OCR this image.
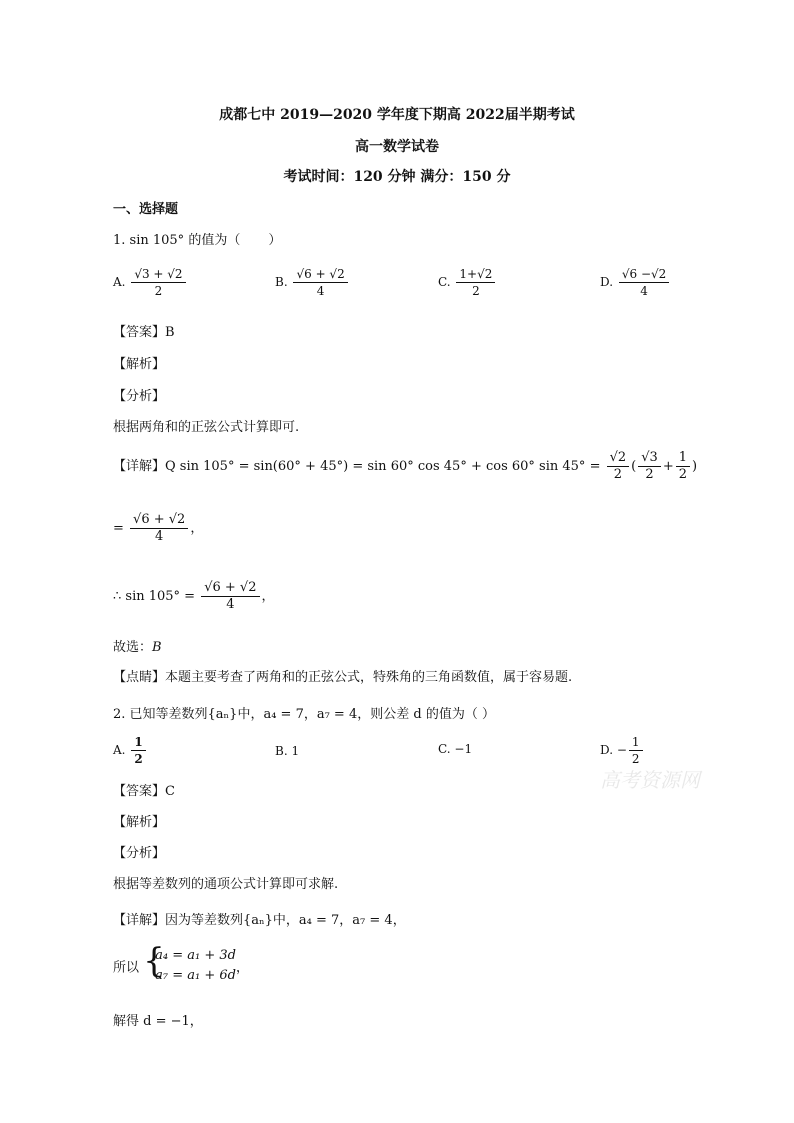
成都七中 2019—2020 学年度下期高 2022届半期考试
高一数学试卷
考试时间：120 分钟 满分：150 分
一、选择题
1. sin 105° 的值为（ ）
A. $\frac{√3 + √2}{2}$	B. $\frac{√6 + √2}{4}$	C. $\frac{1+√2}{2}$	D. $\frac{√6 -√2}{4}$
【答案】B
【解析】
【分析】
根据两角和的正弦公式计算即可.
【详解】Q sin 105° = sin(60° + 45°) = sin 60° cos 45° + cos 60° $\sin 45^\circ = \frac{√2}{2}$ ( $\frac{√3}{2} + \frac{1}{2}$ )
= $\frac{√6 + √2}{4}$ ，
∴ $\sin 105^\circ = \frac{√6 + √2}{4}$ ，
故选：B
【点睛】本题主要考查了两角和的正弦公式，特殊角的三角函数值，属于容易题.
2. 已知等差数列{aₙ}中，a₄ = 7，a₇ = 4，则公差 d 的值为（ ）
A. $\frac{1}{2}$	B. 1	C. −1	D. − $\frac{1}{2}$
高考资源网
【答案】C
【解析】
【分析】
根据等差数列的通项公式计算即可求解.
【详解】因为等差数列{aₙ}中，a₄ = 7，a₇ = 4，
所以 {
a₄ = a₁ + 3d
a₇ = a₁ + 6d ，
解得 d = −1，
